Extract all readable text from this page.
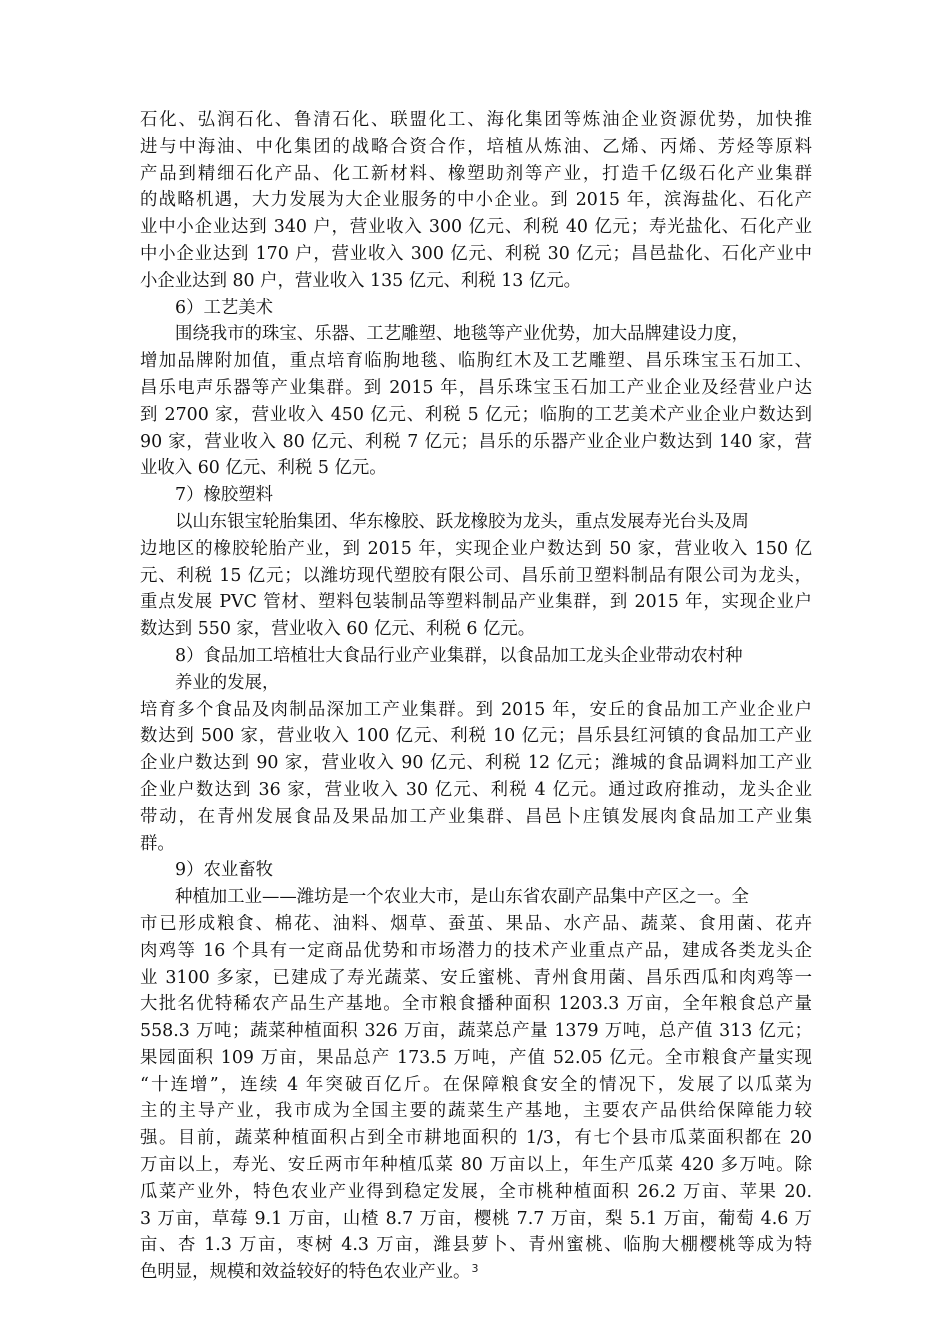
石化、弘润石化、鲁清石化、联盟化工、海化集团等炼油企业资源优势，加快推
进与中海油、中化集团的战略合资合作，培植从炼油、乙烯、丙烯、芳烃等原料
产品到精细石化产品、化工新材料、橡塑助剂等产业，打造千亿级石化产业集群
的战略机遇，大力发展为大企业服务的中小企业。到 2015 年，滨海盐化、石化产
业中小企业达到 340 户，营业收入 300 亿元、利税 40 亿元；寿光盐化、石化产业
中小企业达到 170 户，营业收入 300 亿元、利税 30 亿元；昌邑盐化、石化产业中
小企业达到 80 户，营业收入 135 亿元、利税 13 亿元。
6）工艺美术
围绕我市的珠宝、乐器、工艺雕塑、地毯等产业优势，加大品牌建设力度，
增加品牌附加值，重点培育临朐地毯、临朐红木及工艺雕塑、昌乐珠宝玉石加工、
昌乐电声乐器等产业集群。到 2015 年，昌乐珠宝玉石加工产业企业及经营业户达
到 2700 家，营业收入 450 亿元、利税 5 亿元；临朐的工艺美术产业企业户数达到
90 家，营业收入 80 亿元、利税 7 亿元；昌乐的乐器产业企业户数达到 140 家，营
业收入 60 亿元、利税 5 亿元。
7）橡胶塑料
以山东银宝轮胎集团、华东橡胶、跃龙橡胶为龙头，重点发展寿光台头及周
边地区的橡胶轮胎产业，到 2015 年，实现企业户数达到 50 家，营业收入 150 亿
元、利税 15 亿元；以潍坊现代塑胶有限公司、昌乐前卫塑料制品有限公司为龙头，
重点发展 PVC 管材、塑料包装制品等塑料制品产业集群，到 2015 年，实现企业户
数达到 550 家，营业收入 60 亿元、利税 6 亿元。
8）食品加工培植壮大食品行业产业集群，以食品加工龙头企业带动农村种
养业的发展，
培育多个食品及肉制品深加工产业集群。到 2015 年，安丘的食品加工产业企业户
数达到 500 家，营业收入 100 亿元、利税 10 亿元；昌乐县红河镇的食品加工产业
企业户数达到 90 家，营业收入 90 亿元、利税 12 亿元；潍城的食品调料加工产业
企业户数达到 36 家，营业收入 30 亿元、利税 4 亿元。通过政府推动，龙头企业
带动，在青州发展食品及果品加工产业集群、昌邑卜庄镇发展肉食品加工产业集
群。
9）农业畜牧
种植加工业——潍坊是一个农业大市，是山东省农副产品集中产区之一。全
市已形成粮食、棉花、油料、烟草、蚕茧、果品、水产品、蔬菜、食用菌、花卉
肉鸡等 16 个具有一定商品优势和市场潜力的技术产业重点产品，建成各类龙头企
业 3100 多家，已建成了寿光蔬菜、安丘蜜桃、青州食用菌、昌乐西瓜和肉鸡等一
大批名优特稀农产品生产基地。全市粮食播种面积 1203.3 万亩，全年粮食总产量
558.3 万吨；蔬菜种植面积 326 万亩，蔬菜总产量 1379 万吨，总产值 313 亿元；
果园面积 109 万亩，果品总产 173.5 万吨，产值 52.05 亿元。全市粮食产量实现
“十连增”，连续 4 年突破百亿斤。在保障粮食安全的情况下，发展了以瓜菜为
主的主导产业，我市成为全国主要的蔬菜生产基地，主要农产品供给保障能力较
强。目前，蔬菜种植面积占到全市耕地面积的 1/3，有七个县市瓜菜面积都在 20
万亩以上，寿光、安丘两市年种植瓜菜 80 万亩以上，年生产瓜菜 420 多万吨。除
瓜菜产业外，特色农业产业得到稳定发展，全市桃种植面积 26.2 万亩、苹果 20.
3 万亩，草莓 9.1 万亩，山楂 8.7 万亩，樱桃 7.7 万亩，梨 5.1 万亩，葡萄 4.6 万
亩、杏 1.3 万亩，枣树 4.3 万亩，潍县萝卜、青州蜜桃、临朐大棚樱桃等成为特
色明显，规模和效益较好的特色农业产业。 3
